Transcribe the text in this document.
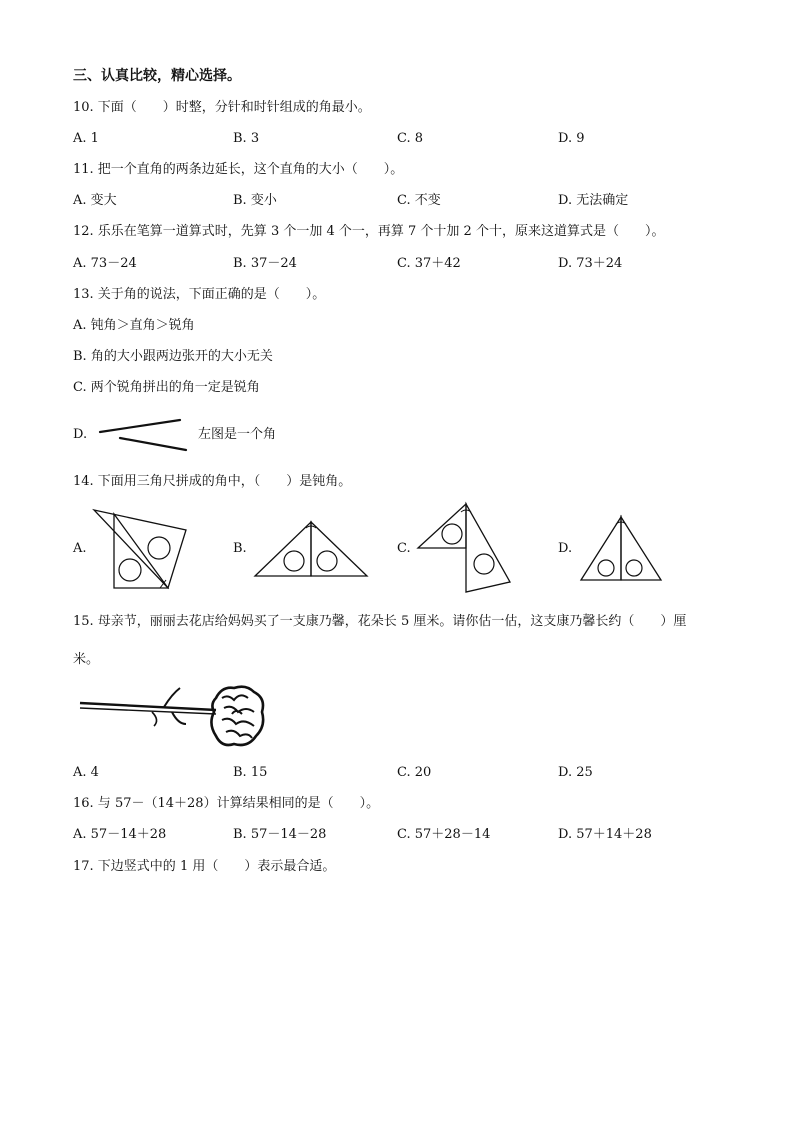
三、认真比较，精心选择。
10. 下面（　　）时整，分针和时针组成的角最小。
A. 1	B. 3	C. 8	D. 9
11. 把一个直角的两条边延长，这个直角的大小（　　）。
A. 变大	B. 变小	C. 不变	D. 无法确定
12. 乐乐在笔算一道算式时，先算 3 个一加 4 个一，再算 7 个十加 2 个十，原来这道算式是（　　）。
A. 73－24	B. 37－24	C. 37＋42	D. 73＋24
13. 关于角的说法，下面正确的是（　　）。
A. 钝角＞直角＞锐角
B. 角的大小跟两边张开的大小无关
C. 两个锐角拼出的角一定是锐角
D.	左图是一个角
14. 下面用三角尺拼成的角中，（　　）是钝角。
A.	B.	C.	D.
15. 母亲节，丽丽去花店给妈妈买了一支康乃馨，花朵长 5 厘米。请你估一估，这支康乃馨长约（　　）厘
米。
A. 4	B. 15	C. 20	D. 25
16. 与 57－（14＋28）计算结果相同的是（　　）。
A. 57－14＋28	B. 57－14－28	C. 57＋28－14	D. 57＋14＋28
17. 下边竖式中的 1 用（　　）表示最合适。
